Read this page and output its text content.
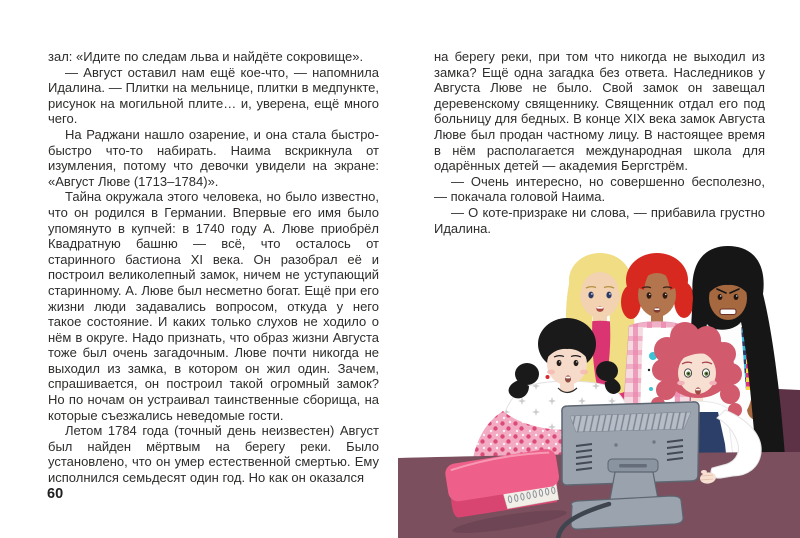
зал: «Идите по следам льва и найдёте сокровище».

— Август оставил нам ещё кое-что, — напомнила Идалина. — Плитки на мельнице, плитки в медпункте, рисунок на могильной плите… и, уверена, ещё много чего.

На Раджани нашло озарение, и она стала быстро-быстро что-то набирать. Наима вскрикнула от изумления, потому что девочки увидели на экране: «Август Люве (1713–1784)».

Тайна окружала этого человека, но было известно, что он родился в Германии. Впервые его имя было упомянуто в купчей: в 1740 году А. Люве приобрёл Квадратную башню — всё, что осталось от старинного бастиона XI века. Он разобрал её и построил великолепный замок, ничем не уступающий старинному. А. Люве был несметно богат. Ещё при его жизни люди задавались вопросом, откуда у него такое состояние. И каких только слухов не ходило о нём в округе. Надо признать, что образ жизни Августа тоже был очень загадочным. Люве почти никогда не выходил из замка, в котором он жил один. Зачем, спрашивается, он построил такой огромный замок? Но по ночам он устраивал таинственные сборища, на которые съезжались неведомые гости.

Летом 1784 года (точный день неизвестен) Август был найден мёртвым на берегу реки. Было установлено, что он умер естественной смертью. Ему исполнился семьдесят один год. Но как он оказался

на берегу реки, при том что никогда не выходил из замка? Ещё одна загадка без ответа. Наследников у Августа Люве не было. Свой замок он завещал деревенскому священнику. Священник отдал его под больницу для бедных. В конце XIX века замок Августа Люве был продан частному лицу. В настоящее время в нём располагается международная школа для одарённых детей — академия Бергстрём.

— Очень интересно, но совершенно бесполезно, — покачала головой Наима.

— О коте-призраке ни слова, — прибавила грустно Идалина.

60
